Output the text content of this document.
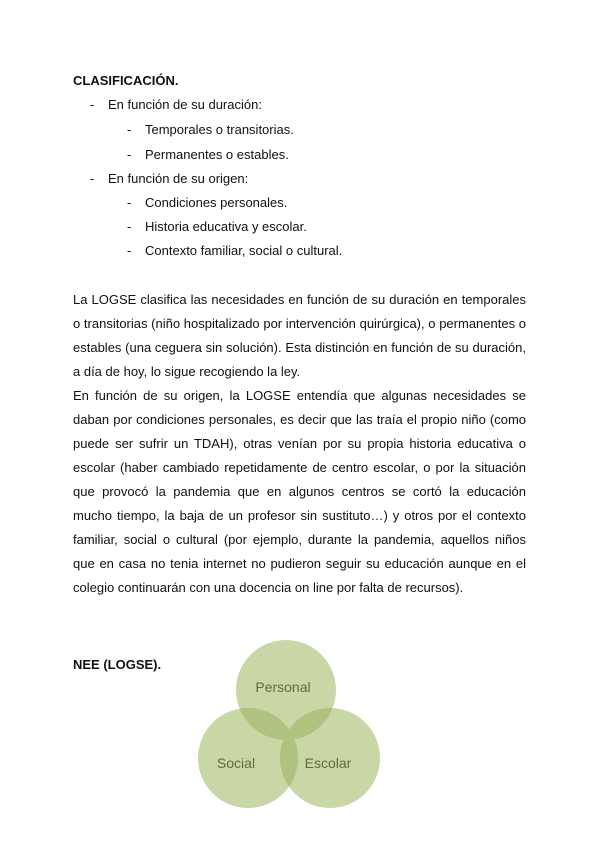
CLASIFICACIÓN.

- En función de su duración:
- Temporales o transitorias.
- Permanentes o estables.
- En función de su origen:
- Condiciones personales.
- Historia educativa y escolar.
- Contexto familiar, social o cultural.

La LOGSE clasifica las necesidades en función de su duración en temporales o transitorias (niño hospitalizado por intervención quirúrgica), o permanentes o estables (una ceguera sin solución). Esta distinción en función de su duración, a día de hoy, lo sigue recogiendo la ley.

En función de su origen, la LOGSE entendía que algunas necesidades se daban por condiciones personales, es decir que las traía el propio niño (como puede ser sufrir un TDAH), otras venían por su propia historia educativa o escolar (haber cambiado repetidamente de centro escolar, o por la situación que provocó la pandemia que en algunos centros se cortó la educación mucho tiempo, la baja de un profesor sin sustituto…) y otros por el contexto familiar, social o cultural (por ejemplo, durante la pandemia, aquellos niños que en casa no tenia internet no pudieron seguir su educación aunque en el colegio continuarán con una docencia on line por falta de recursos).

NEE (LOGSE).

Personal
Social	Escolar
